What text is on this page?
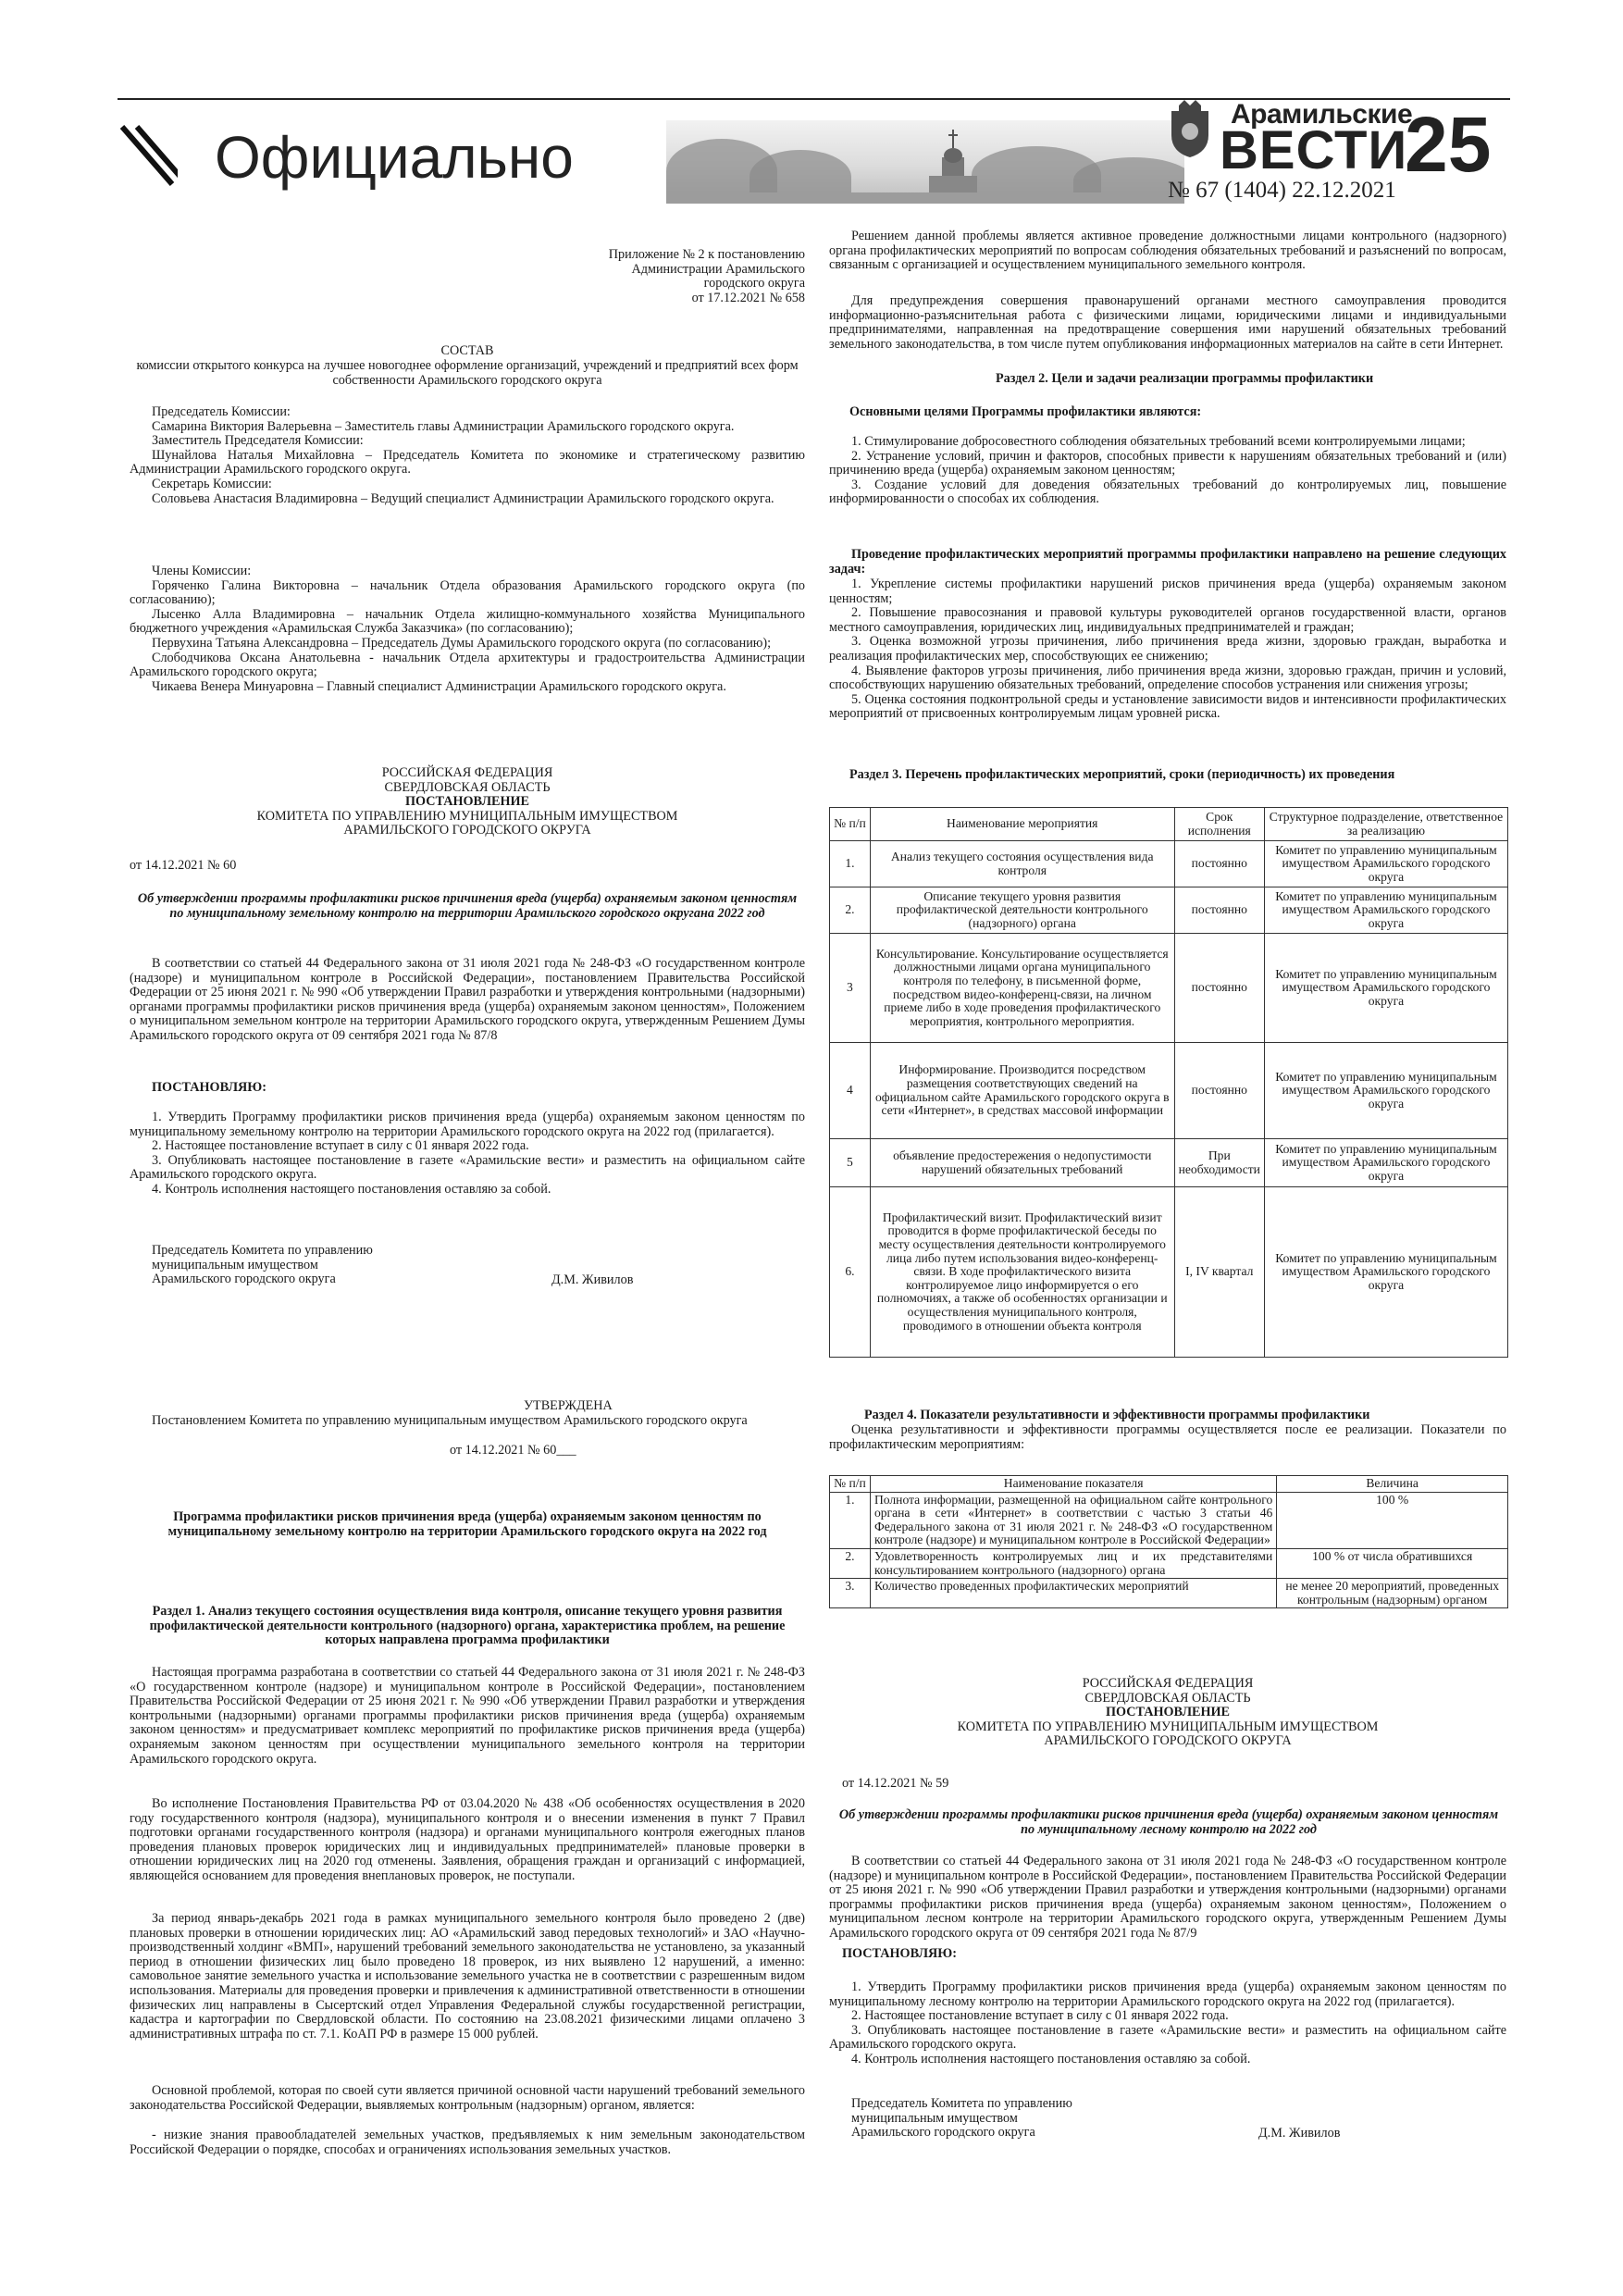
Официально
Арамильские
ВЕСТИ
25
№ 67 (1404) 22.12.2021

Приложение № 2 к постановлению

Администрации Арамильского

городского округа

от 17.12.2021 № 658

СОСТАВ

комиссии открытого конкурса на лучшее новогоднее оформление организаций, учреждений и предприятий всех форм собственности Арамильского городского округа

Председатель Комиссии:

Самарина Виктория Валерьевна – Заместитель главы Администрации Арамильского городского округа.

Заместитель Председателя Комиссии:

Шунайлова Наталья Михайловна – Председатель Комитета по экономике и стратегическому развитию Администрации Арамильского городского округа.

Секретарь Комиссии:

Соловьева Анастасия Владимировна – Ведущий специалист Администрации Арамильского городского округа.

Члены Комиссии:

Горяченко Галина Викторовна – начальник Отдела образования Арамильского городского округа (по согласованию);

Лысенко Алла Владимировна – начальник Отдела жилищно-коммунального хозяйства Муниципального бюджетного учреждения «Арамильская Служба Заказчика» (по согласованию);

Первухина Татьяна Александровна – Председатель Думы Арамильского городского округа (по согласованию);

Слободчикова Оксана Анатольевна - начальник Отдела архитектуры и градостроительства Администрации Арамильского городского округа;

Чикаева Венера Минуаровна – Главный специалист Администрации Арамильского городского округа.

РОССИЙСКАЯ ФЕДЕРАЦИЯ

СВЕРДЛОВСКАЯ ОБЛАСТЬ

ПОСТАНОВЛЕНИЕ

КОМИТЕТА ПО УПРАВЛЕНИЮ МУНИЦИПАЛЬНЫМ ИМУЩЕСТВОМ

АРАМИЛЬСКОГО ГОРОДСКОГО ОКРУГА

от 14.12.2021 № 60

Об утверждении программы профилактики рисков причинения вреда (ущерба) охраняемым законом ценностям по муниципальному земельному контролю на территории Арамильского городского округана 2022 год

В соответствии со статьей 44 Федерального закона от 31 июля 2021 года № 248-ФЗ «О государственном контроле (надзоре) и муниципальном контроле в Российской Федерации», постановлением Правительства Российской Федерации от 25 июня 2021 г. № 990 «Об утверждении Правил разработки и утверждения контрольными (надзорными) органами программы профилактики рисков причинения вреда (ущерба) охраняемым законом ценностям», Положением о муниципальном земельном контроле на территории Арамильского городского округа, утвержденным Решением Думы Арамильского городского округа от 09 сентября 2021 года № 87/8

ПОСТАНОВЛЯЮ:

1. Утвердить Программу профилактики рисков причинения вреда (ущерба) охраняемым законом ценностям по муниципальному земельному контролю на территории Арамильского городского округа на 2022 год (прилагается).

2. Настоящее постановление вступает в силу с 01 января 2022 года.

3. Опубликовать настоящее постановление в газете «Арамильские вести» и разместить на официальном сайте Арамильского городского округа.

4. Контроль исполнения настоящего постановления оставляю за собой.

Председатель Комитета по управлению

муниципальным имуществом

Арамильского городского округа	Д.М. Живилов

УТВЕРЖДЕНА

Постановлением Комитета по управлению муниципальным имуществом Арамильского городского округа

от 14.12.2021 № 60___

Программа профилактики рисков причинения вреда (ущерба) охраняемым законом ценностям по муниципальному земельному контролю на территории Арамильского городского округа на 2022 год

Раздел 1. Анализ текущего состояния осуществления вида контроля, описание текущего уровня развития профилактической деятельности контрольного (надзорного) органа, характеристика проблем, на решение которых направлена программа профилактики

Настоящая программа разработана в соответствии со статьей 44 Федерального закона от 31 июля 2021 г. № 248-ФЗ «О государственном контроле (надзоре) и муниципальном контроле в Российской Федерации», постановлением Правительства Российской Федерации от 25 июня 2021 г. № 990 «Об утверждении Правил разработки и утверждения контрольными (надзорными) органами программы профилактики рисков причинения вреда (ущерба) охраняемым законом ценностям» и предусматривает комплекс мероприятий по профилактике рисков причинения вреда (ущерба) охраняемым законом ценностям при осуществлении муниципального земельного контроля на территории Арамильского городского округа.

Во исполнение Постановления Правительства РФ от 03.04.2020 № 438 «Об особенностях осуществления в 2020 году государственного контроля (надзора), муниципального контроля и о внесении изменения в пункт 7 Правил подготовки органами государственного контроля (надзора) и органами муниципального контроля ежегодных планов проведения плановых проверок юридических лиц и индивидуальных предпринимателей» плановые проверки в отношении юридических лиц на 2020 год отменены. Заявления, обращения граждан и организаций с информацией, являющейся основанием для проведения внеплановых проверок, не поступали.

За период январь-декабрь 2021 года в рамках муниципального земельного контроля было проведено 2 (две) плановых проверки в отношении юридических лиц: АО «Арамильский завод передовых технологий» и ЗАО «Научно-производственный холдинг «ВМП», нарушений требований земельного законодательства не установлено, за указанный период в отношении физических лиц было проведено 18 проверок, из них выявлено 12 нарушений, а именно: самовольное занятие земельного участка и использование земельного участка не в соответствии с разрешенным видом использования. Материалы для проведения проверки и привлечения к административной ответственности в отношении физических лиц направлены в Сысертский отдел Управления Федеральной службы государственной регистрации, кадастра и картографии по Свердловской области. По состоянию на 23.08.2021 физическими лицами оплачено 3 административных штрафа по ст. 7.1. КоАП РФ в размере 15 000 рублей.

Основной проблемой, которая по своей сути является причиной основной части нарушений требований земельного законодательства Российской Федерации, выявляемых контрольным (надзорным) органом, является:

- низкие знания правообладателей земельных участков, предъявляемых к ним земельным законодательством Российской Федерации о порядке, способах и ограничениях использования земельных участков.

Решением данной проблемы является активное проведение должностными лицами контрольного (надзорного) органа профилактических мероприятий по вопросам соблюдения обязательных требований и разъяснений по вопросам, связанным с организацией и осуществлением муниципального земельного контроля.

Для предупреждения совершения правонарушений органами местного самоуправления проводится информационно-разъяснительная работа с физическими лицами, юридическими лицами и индивидуальными предпринимателями, направленная на предотвращение совершения ими нарушений обязательных требований земельного законодательства, в том числе путем опубликования информационных материалов на сайте в сети Интернет.

Раздел 2. Цели и задачи реализации программы профилактики

Основными целями Программы профилактики являются:

1. Стимулирование добросовестного соблюдения обязательных требований всеми контролируемыми лицами;

2. Устранение условий, причин и факторов, способных привести к нарушениям обязательных требований и (или) причинению вреда (ущерба) охраняемым законом ценностям;

3. Создание условий для доведения обязательных требований до контролируемых лиц, повышение информированности о способах их соблюдения.

Проведение профилактических мероприятий программы профилактики направлено на решение следующих задач:

1. Укрепление системы профилактики нарушений рисков причинения вреда (ущерба) охраняемым законом ценностям;

2. Повышение правосознания и правовой культуры руководителей органов государственной власти, органов местного самоуправления, юридических лиц, индивидуальных предпринимателей и граждан;

3. Оценка возможной угрозы причинения, либо причинения вреда жизни, здоровью граждан, выработка и реализация профилактических мер, способствующих ее снижению;

4. Выявление факторов угрозы причинения, либо причинения вреда жизни, здоровью граждан, причин и условий, способствующих нарушению обязательных требований, определение способов устранения или снижения угрозы;

5. Оценка состояния подконтрольной среды и установление зависимости видов и интенсивности профилактических мероприятий от присвоенных контролируемым лицам уровней риска.

Раздел 3. Перечень профилактических мероприятий, сроки (периодичность) их проведения

№ п/п	Наименование мероприятия	Срок исполнения	Структурное подразделение, ответственное за реализацию
1.	Анализ текущего состояния осуществления вида контроля	постоянно	Комитет по управлению муниципальным имуществом Арамильского городского округа
2.	Описание текущего уровня развития профилактической деятельности контрольного (надзорного) органа	постоянно	Комитет по управлению муниципальным имуществом Арамильского городского округа
3	Консультирование. Консультирование осуществляется должностными лицами органа муниципального контроля по телефону, в письменной форме, посредством видео-конференц-связи, на личном приеме либо в ходе проведения профилактического мероприятия, контрольного мероприятия.	постоянно	Комитет по управлению муниципальным имуществом Арамильского городского округа
4	Информирование. Производится посредством размещения соответствующих сведений на официальном сайте Арамильского городского округа в сети «Интернет», в средствах массовой информации	постоянно	Комитет по управлению муниципальным имуществом Арамильского городского округа
5	объявление предостережения о недопустимости нарушений обязательных требований	При необходимости	Комитет по управлению муниципальным имуществом Арамильского городского округа
6.	Профилактический визит. Профилактический визит проводится в форме профилактической беседы по месту осуществления деятельности контролируемого лица либо путем использования видео-конференц-связи. В ходе профилактического визита контролируемое лицо информируется о его полномочиях, а также об особенностях организации и осуществления муниципального контроля, проводимого в отношении объекта контроля	I, IV квартал	Комитет по управлению муниципальным имуществом Арамильского городского округа

Раздел 4. Показатели результативности и эффективности программы профилактики

Оценка результативности и эффективности программы осуществляется после ее реализации. Показатели по профилактическим мероприятиям:

№ п/п	Наименование показателя	Величина
1.	Полнота информации, размещенной на официальном сайте контрольного органа в сети «Интернет» в соответствии с частью 3 статьи 46 Федерального закона от 31 июля 2021 г. № 248-ФЗ «О государственном контроле (надзоре) и муниципальном контроле в Российской Федерации»	100 %
2.	Удовлетворенность контролируемых лиц и их представителями консультированием контрольного (надзорного) органа	100 % от числа обратившихся
3.	Количество проведенных профилактических мероприятий	не менее 20 мероприятий, проведенных контрольным (надзорным) органом

РОССИЙСКАЯ ФЕДЕРАЦИЯ

СВЕРДЛОВСКАЯ ОБЛАСТЬ

ПОСТАНОВЛЕНИЕ

КОМИТЕТА ПО УПРАВЛЕНИЮ МУНИЦИПАЛЬНЫМ ИМУЩЕСТВОМ

АРАМИЛЬСКОГО ГОРОДСКОГО ОКРУГА

от 14.12.2021 № 59

Об утверждении программы профилактики рисков причинения вреда (ущерба) охраняемым законом ценностям по муниципальному лесному контролю на 2022 год

В соответствии со статьей 44 Федерального закона от 31 июля 2021 года № 248-ФЗ «О государственном контроле (надзоре) и муниципальном контроле в Российской Федерации», постановлением Правительства Российской Федерации от 25 июня 2021 г. № 990 «Об утверждении Правил разработки и утверждения контрольными (надзорными) органами программы профилактики рисков причинения вреда (ущерба) охраняемым законом ценностям», Положением о муниципальном лесном контроле на территории Арамильского городского округа, утвержденным Решением Думы Арамильского городского округа от 09 сентября 2021 года № 87/9

ПОСТАНОВЛЯЮ:

1. Утвердить Программу профилактики рисков причинения вреда (ущерба) охраняемым законом ценностям по муниципальному лесному контролю на территории Арамильского городского округа на 2022 год (прилагается).

2. Настоящее постановление вступает в силу с 01 января 2022 года.

3. Опубликовать настоящее постановление в газете «Арамильские вести» и разместить на официальном сайте Арамильского городского округа.

4. Контроль исполнения настоящего постановления оставляю за собой.

Председатель Комитета по управлению

муниципальным имуществом

Арамильского городского округа	Д.М. Живилов
